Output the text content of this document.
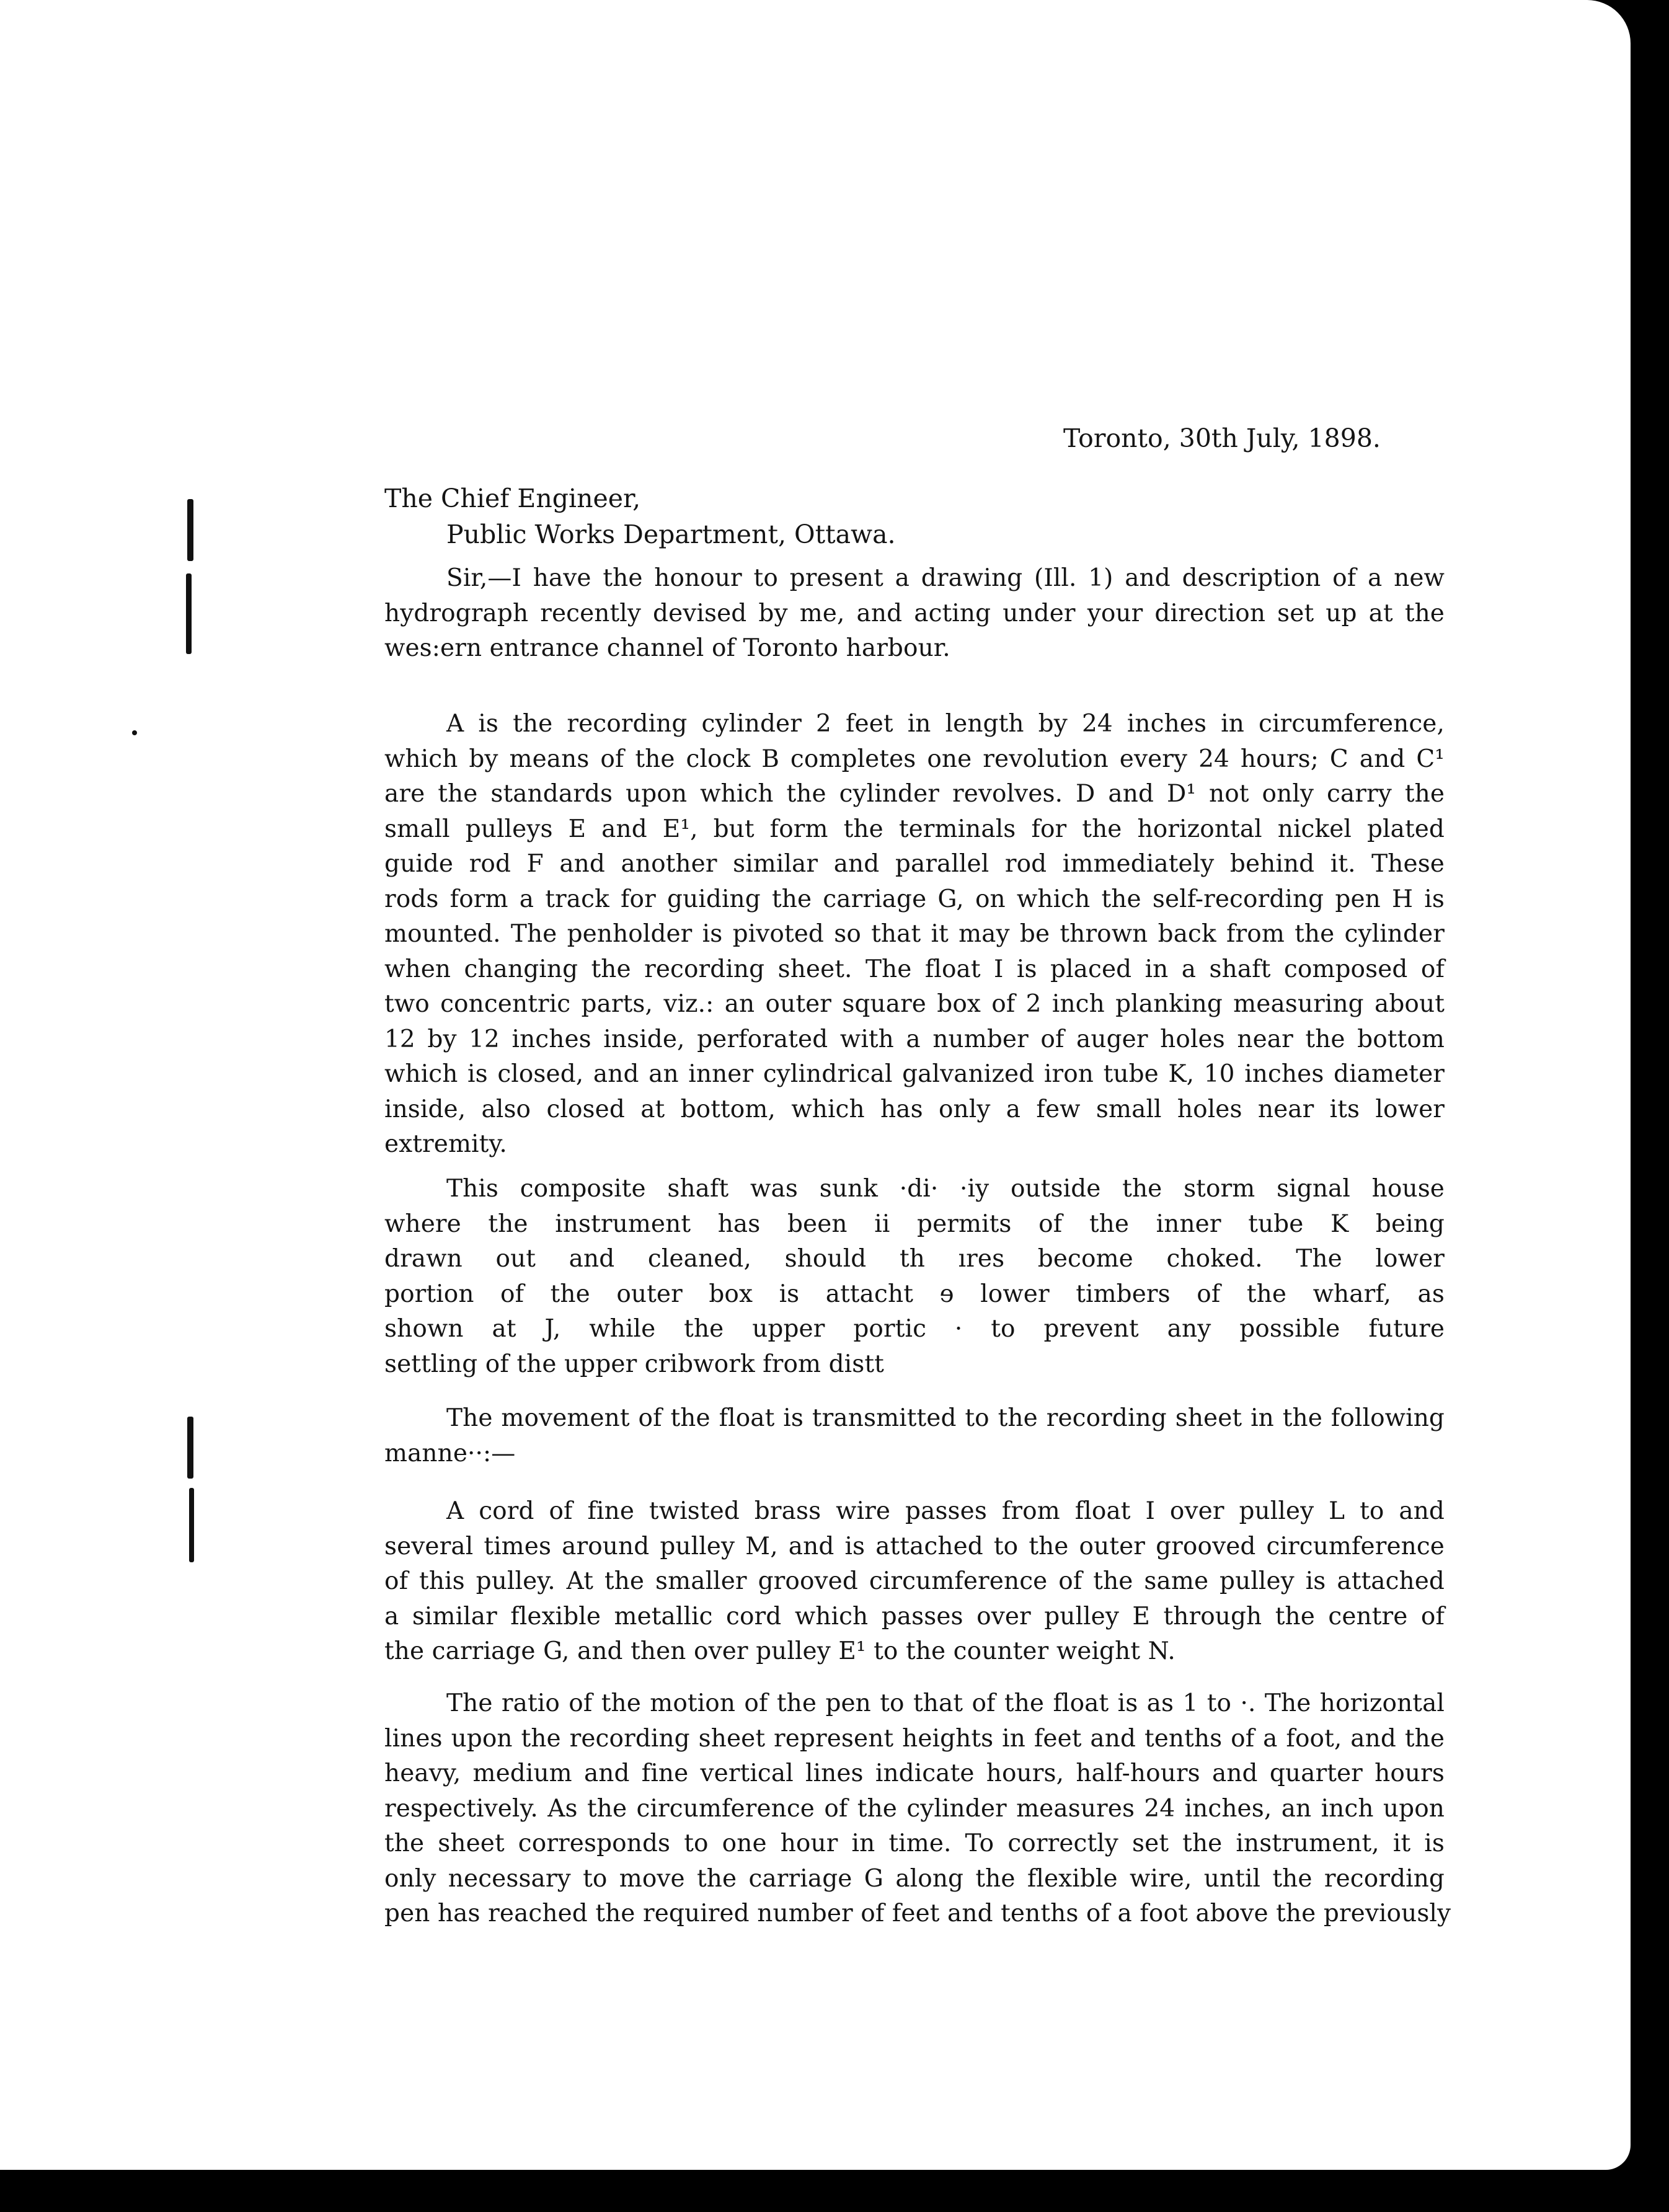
Toronto, 30th July, 1898.
The Chief Engineer,
Public Works Department, Ottawa.
Sir,—I have the honour to present a drawing (Ill. 1) and description of a new
hydrograph recently devised by me, and acting under your direction set up at the
wes:ern entrance channel of Toronto harbour.
A is the recording cylinder 2 feet in length by 24 inches in circumference,
which by means of the clock B completes one revolution every 24 hours; C and C¹
are the standards upon which the cylinder revolves. D and D¹ not only carry the
small pulleys E and E¹, but form the terminals for the horizontal nickel plated
guide rod F and another similar and parallel rod immediately behind it. These
rods form a track for guiding the carriage G, on which the self-recording pen H is
mounted. The penholder is pivoted so that it may be thrown back from the cylinder
when changing the recording sheet. The float I is placed in a shaft composed of
two concentric parts, viz.: an outer square box of 2 inch planking measuring about
12 by 12 inches inside, perforated with a number of auger holes near the bottom
which is closed, and an inner cylindrical galvanized iron tube K, 10 inches diameter
inside, also closed at bottom, which has only a few small holes near its lower
extremity.
This composite shaft was sunk ·di· ·iy outside the storm signal house
where the instrument has been ii permits of the inner tube K being
drawn out and cleaned, should th ıres become choked. The lower
portion of the outer box is attacht ɘ lower timbers of the wharf, as
shown at J, while the upper portic · to prevent any possible future
settling of the upper cribwork from distt
The movement of the float is transmitted to the recording sheet in the following
manne··:—
A cord of fine twisted brass wire passes from float I over pulley L to and
several times around pulley M, and is attached to the outer grooved circumference
of this pulley. At the smaller grooved circumference of the same pulley is attached
a similar flexible metallic cord which passes over pulley E through the centre of
the carriage G, and then over pulley E¹ to the counter weight N.
The ratio of the motion of the pen to that of the float is as 1 to ·. The horizontal
lines upon the recording sheet represent heights in feet and tenths of a foot, and the
heavy, medium and fine vertical lines indicate hours, half-hours and quarter hours
respectively. As the circumference of the cylinder measures 24 inches, an inch upon
the sheet corresponds to one hour in time. To correctly set the instrument, it is
only necessary to move the carriage G along the flexible wire, until the recording
pen has reached the required number of feet and tenths of a foot above the previously
